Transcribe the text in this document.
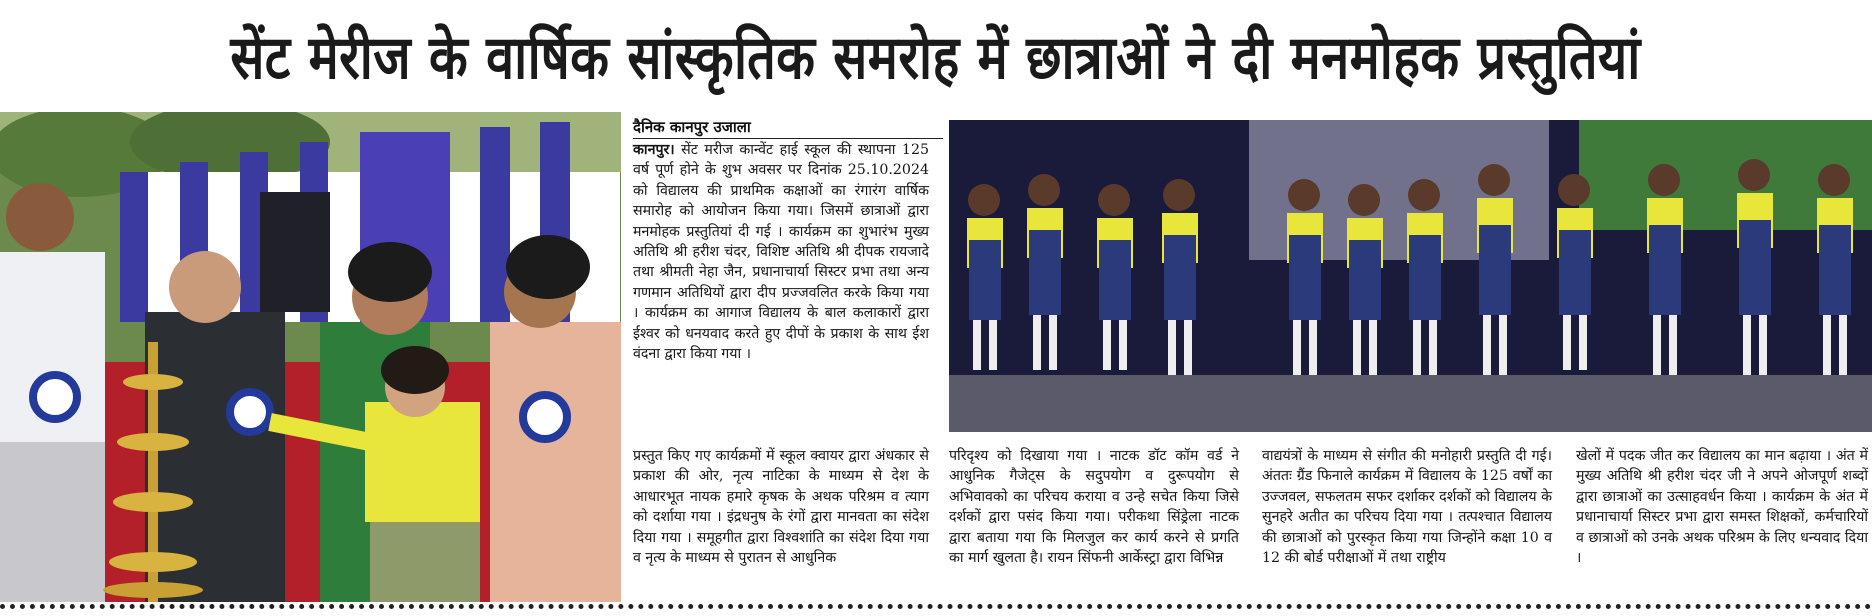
सेंट मेरीज के वार्षिक सांस्कृतिक समरोह में छात्राओं ने दी मनमोहक प्रस्तुतियां
दैनिक कानपुर उजाला

कानपुर। सेंट मरीज कान्वेंट हाई स्कूल की स्थापना 125 वर्ष पूर्ण होने के शुभ अवसर पर दिनांक 25.10.2024 को विद्यालय की प्राथमिक कक्षाओं का रंगारंग वार्षिक समारोह को आयोजन किया गया। जिसमें छात्राओं द्वारा मनमोहक प्रस्तुतियां दी गई । कार्यक्रम का शुभारंभ मुख्य अतिथि श्री हरीश चंदर, विशिष्ट अतिथि श्री दीपक रायजादे तथा श्रीमती नेहा जैन, प्रधानाचार्या सिस्टर प्रभा तथा अन्य गणमान अतिथियों द्वारा दीप प्रज्जवलित करके किया गया । कार्यक्रम का आगाज विद्यालय के बाल कलाकारों द्वारा ईश्वर को धनयवाद करते हुए दीपों के प्रकाश के साथ ईश वंदना द्वारा किया गया ।

प्रस्तुत किए गए कार्यक्रमों में स्कूल क्वायर द्वारा अंधकार से प्रकाश की ओर, नृत्य नाटिका के माध्यम से देश के आधारभूत नायक हमारे कृषक के अथक परिश्रम व त्याग को दर्शाया गया । इंद्रधनुष के रंगों द्वारा मानवता का संदेश दिया गया । समूहगीत द्वारा विश्वशांति का संदेश दिया गया व नृत्य के माध्यम से पुरातन से आधुनिक

परिदृश्य को दिखाया गया । नाटक डॉट कॉम वर्ड ने आधुनिक गैजेट्स के सदुपयोग व दुरूपयोग से अभिवावको का परिचय कराया व उन्हे सचेत किया जिसे दर्शकों द्वारा पसंद किया गया। परीकथा सिंड्रेला नाटक द्वारा बताया गया कि मिलजुल कर कार्य करने से प्रगति का मार्ग खुलता है। रायन सिंफनी आर्केस्ट्रा द्वारा विभिन्न

वाद्ययंत्रों के माध्यम से संगीत की मनोहारी प्रस्तुति दी गई। अंततः ग्रैंड फिनाले कार्यक्रम में विद्यालय के 125 वर्षों का उज्जवल, सफलतम सफर दर्शाकर दर्शकों को विद्यालय के सुनहरे अतीत का परिचय दिया गया । तत्पश्चात विद्यालय की छात्राओं को पुरस्कृत किया गया जिन्होंने कक्षा 10 व 12 की बोर्ड परीक्षाओं में तथा राष्ट्रीय

खेलों में पदक जीत कर विद्यालय का मान बढ़ाया । अंत में मुख्य अतिथि श्री हरीश चंदर जी ने अपने ओजपूर्ण शब्दों द्वारा छात्राओं का उत्साहवर्धन किया । कार्यक्रम के अंत में प्रधानाचार्या सिस्टर प्रभा द्वारा समस्त शिक्षकों, कर्मचारियों व छात्राओं को उनके अथक परिश्रम के लिए धन्यवाद दिया ।
